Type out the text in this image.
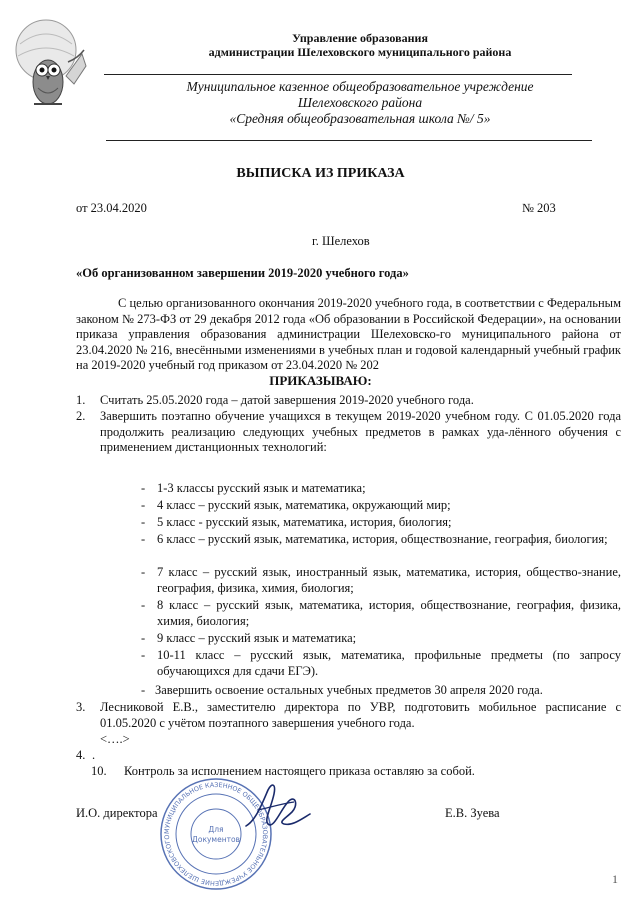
Управление образования
администрации Шелеховского муниципального района
Муниципальное казенное общеобразовательное учреждение
Шелеховского района
«Средняя общеобразовательная школа №/ 5»
ВЫПИСКА ИЗ ПРИКАЗА
от 23.04.2020	№ 203
г. Шелехов
«Об организованном завершении 2019-2020 учебного года»
С целью организованного окончания 2019-2020 учебного года, в соответствии с Федеральным законом № 273-ФЗ от 29 декабря 2012 года «Об образовании в Российской Федерации», на основании приказа управления образования администрации Шелеховско-го муниципального района от 23.04.2020 № 216, внесёнными изменениями в учебных план и годовой календарный учебный график на 2019-2020 учебный год приказом от 23.04.2020 № 202
ПРИКАЗЫВАЮ:
1. Считать 25.05.2020 года – датой завершения 2019-2020 учебного года.
2. Завершить поэтапно обучение учащихся в текущем 2019-2020 учебном году. С 01.05.2020 года продолжить реализацию следующих учебных предметов в рамках уда-лённого обучения с применением дистанционных технологий:
- 1-3 классы русский язык и математика;
- 4 класс – русский язык, математика, окружающий мир;
- 5 класс - русский язык, математика, история, биология;
- 6 класс – русский язык, математика, история, обществознание, география, биология;
- 7 класс – русский язык, иностранный язык, математика, история, общество-знание, география, физика, химия, биология;
- 8 класс – русский язык, математика, история, обществознание, география, физика, химия, биология;
- 9 класс – русский язык и математика;
- 10-11 класс – русский язык, математика, профильные предметы (по запросу обучающихся для сдачи ЕГЭ).
- Завершить освоение остальных учебных предметов 30 апреля 2020 года.
3. Лесниковой Е.В., заместителю директора по УВР, подготовить мобильное расписание с 01.05.2020 с учётом поэтапного завершения учебного года.
<….>
4. .
10. Контроль за исполнением настоящего приказа оставляю за собой.
И.О. директора	Е.В. Зуева
МУНИЦИПАЛЬНОЕ КАЗЕННОЕ ОБЩЕОБРАЗОВАТЕЛЬНОЕ УЧРЕЖДЕНИЕ ШЕЛЕХОВСКОГО
Для
Документов
1
